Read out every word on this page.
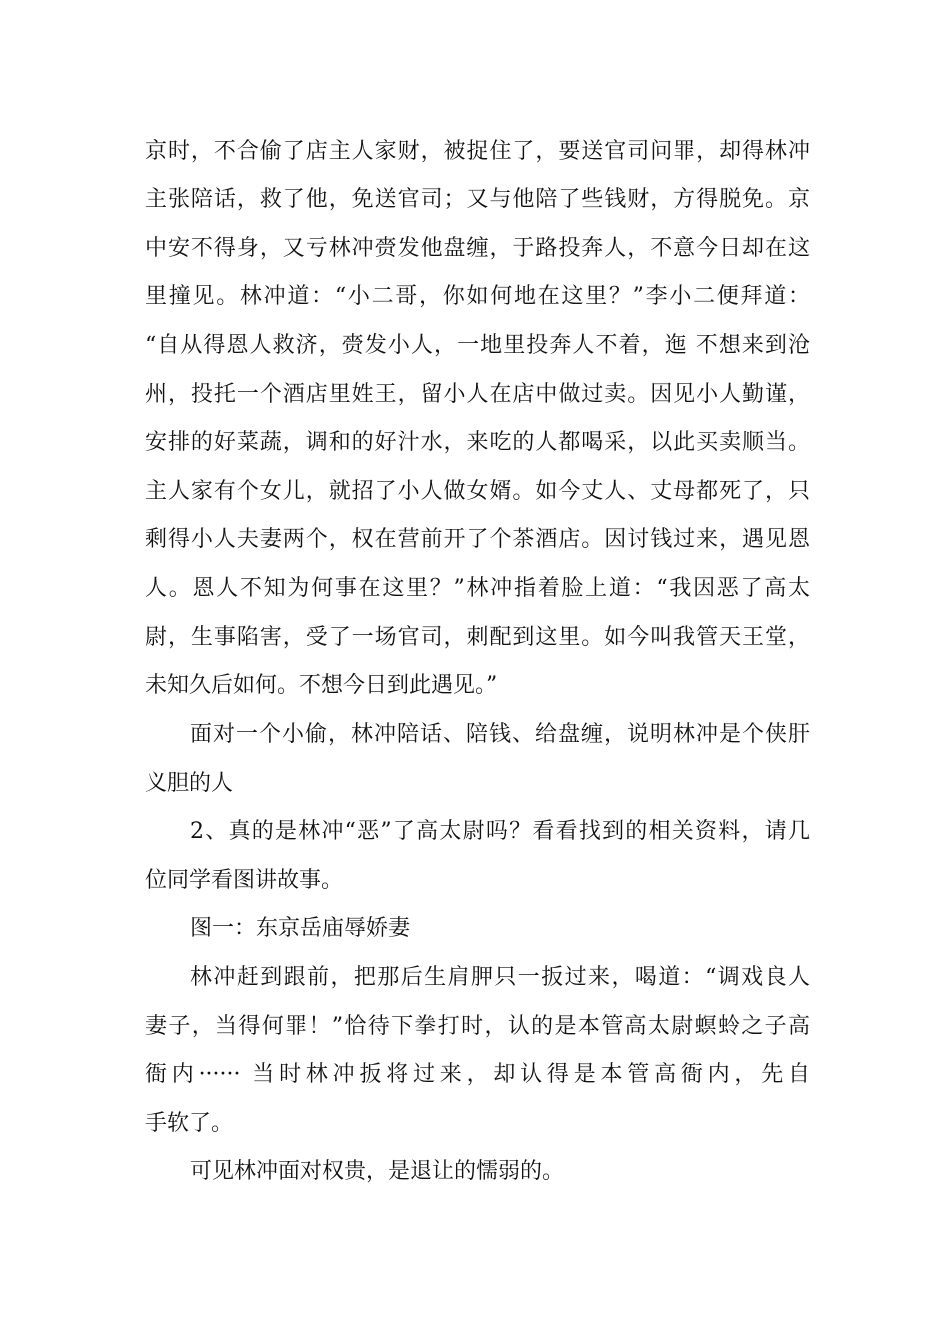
京时，不合偷了店主人家财，被捉住了，要送官司问罪，却得林冲
主张陪话，救了他，免送官司；又与他陪了些钱财，方得脱免。京
中安不得身，又亏林冲赍发他盘缠，于路投奔人，不意今日却在这
里撞见。林冲道：“小二哥，你如何地在这里？”李小二便拜道：
“自从得恩人救济，赍发小人，一地里投奔人不着，迤 不想来到沧
州，投托一个酒店里姓王，留小人在店中做过卖。因见小人勤谨，
安排的好菜蔬，调和的好汁水，来吃的人都喝采，以此买卖顺当。
主人家有个女儿，就招了小人做女婿。如今丈人、丈母都死了，只
剩得小人夫妻两个，权在营前开了个茶酒店。因讨钱过来，遇见恩
人。恩人不知为何事在这里？”林冲指着脸上道：“我因恶了高太
尉，生事陷害，受了一场官司，刺配到这里。如今叫我管天王堂，
未知久后如何。不想今日到此遇见。”
面对一个小偷，林冲陪话、陪钱、给盘缠，说明林冲是个侠肝
义胆的人
2、真的是林冲“恶”了高太尉吗？看看找到的相关资料，请几
位同学看图讲故事。
图一：东京岳庙辱娇妻
林冲赶到跟前，把那后生肩胛只一扳过来，喝道：“调戏良人
妻子，当得何罪！”恰待下拳打时，认的是本管高太尉螟蛉之子高
衙内······ 当时林冲扳将过来，却认得是本管高衙内，先自
手软了。
可见林冲面对权贵，是退让的懦弱的。
